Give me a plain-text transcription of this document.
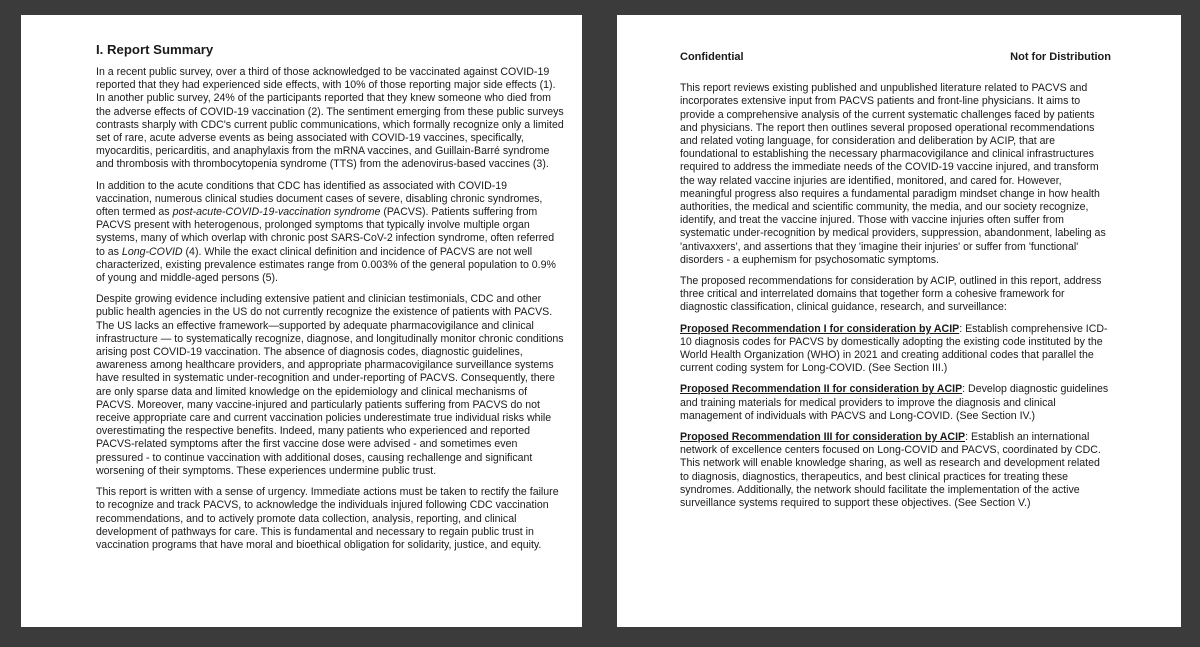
I. Report Summary

In a recent public survey, over a third of those acknowledged to be vaccinated against COVID-19 reported that they had experienced side effects, with 10% of those reporting major side effects (1). In another public survey, 24% of the participants reported that they knew someone who died from the adverse effects of COVID-19 vaccination (2). The sentiment emerging from these public surveys contrasts sharply with CDC's current public communications, which formally recognize only a limited set of rare, acute adverse events as being associated with COVID-19 vaccines, specifically, myocarditis, pericarditis, and anaphylaxis from the mRNA vaccines, and Guillain-Barré syndrome and thrombosis with thrombocytopenia syndrome (TTS) from the adenovirus-based vaccines (3).

In addition to the acute conditions that CDC has identified as associated with COVID-19 vaccination, numerous clinical studies document cases of severe, disabling chronic syndromes, often termed as post-acute-COVID-19-vaccination syndrome (PACVS). Patients suffering from PACVS present with heterogenous, prolonged symptoms that typically involve multiple organ systems, many of which overlap with chronic post SARS-CoV-2 infection syndrome, often referred to as Long-COVID (4). While the exact clinical definition and incidence of PACVS are not well characterized, existing prevalence estimates range from 0.003% of the general population to 0.9% of young and middle-aged persons (5).

Despite growing evidence including extensive patient and clinician testimonials, CDC and other public health agencies in the US do not currently recognize the existence of patients with PACVS. The US lacks an effective framework—supported by adequate pharmacovigilance and clinical infrastructure — to systematically recognize, diagnose, and longitudinally monitor chronic conditions arising post COVID-19 vaccination. The absence of diagnosis codes, diagnostic guidelines, awareness among healthcare providers, and appropriate pharmacovigilance surveillance systems have resulted in systematic under-recognition and under-reporting of PACVS. Consequently, there are only sparse data and limited knowledge on the epidemiology and clinical mechanisms of PACVS. Moreover, many vaccine-injured and particularly patients suffering from PACVS do not receive appropriate care and current vaccination policies underestimate true individual risks while overestimating the respective benefits. Indeed, many patients who experienced and reported PACVS-related symptoms after the first vaccine dose were advised - and sometimes even pressured - to continue vaccination with additional doses, causing rechallenge and significant worsening of their symptoms. These experiences undermine public trust.

This report is written with a sense of urgency. Immediate actions must be taken to rectify the failure to recognize and track PACVS, to acknowledge the individuals injured following CDC vaccination recommendations, and to actively promote data collection, analysis, reporting, and clinical development of pathways for care. This is fundamental and necessary to regain public trust in vaccination programs that have moral and bioethical obligation for solidarity, justice, and equity.

Confidential	Not for Distribution

This report reviews existing published and unpublished literature related to PACVS and incorporates extensive input from PACVS patients and front-line physicians. It aims to provide a comprehensive analysis of the current systematic challenges faced by patients and physicians. The report then outlines several proposed operational recommendations and related voting language, for consideration and deliberation by ACIP, that are foundational to establishing the necessary pharmacovigilance and clinical infrastructures required to address the immediate needs of the COVID-19 vaccine injured, and transform the way related vaccine injuries are identified, monitored, and cared for. However, meaningful progress also requires a fundamental paradigm mindset change in how health authorities, the medical and scientific community, the media, and our society recognize, identify, and treat the vaccine injured. Those with vaccine injuries often suffer from systematic under-recognition by medical providers, suppression, abandonment, labeling as 'antivaxxers', and assertions that they 'imagine their injuries' or suffer from 'functional' disorders - a euphemism for psychosomatic symptoms.

The proposed recommendations for consideration by ACIP, outlined in this report, address three critical and interrelated domains that together form a cohesive framework for diagnostic classification, clinical guidance, research, and surveillance:

Proposed Recommendation I for consideration by ACIP: Establish comprehensive ICD-10 diagnosis codes for PACVS by domestically adopting the existing code instituted by the World Health Organization (WHO) in 2021 and creating additional codes that parallel the current coding system for Long-COVID. (See Section III.)

Proposed Recommendation II for consideration by ACIP: Develop diagnostic guidelines and training materials for medical providers to improve the diagnosis and clinical management of individuals with PACVS and Long-COVID. (See Section IV.)

Proposed Recommendation III for consideration by ACIP: Establish an international network of excellence centers focused on Long-COVID and PACVS, coordinated by CDC. This network will enable knowledge sharing, as well as research and development related to diagnosis, diagnostics, therapeutics, and best clinical practices for treating these syndromes. Additionally, the network should facilitate the implementation of the active surveillance systems required to support these objectives. (See Section V.)
